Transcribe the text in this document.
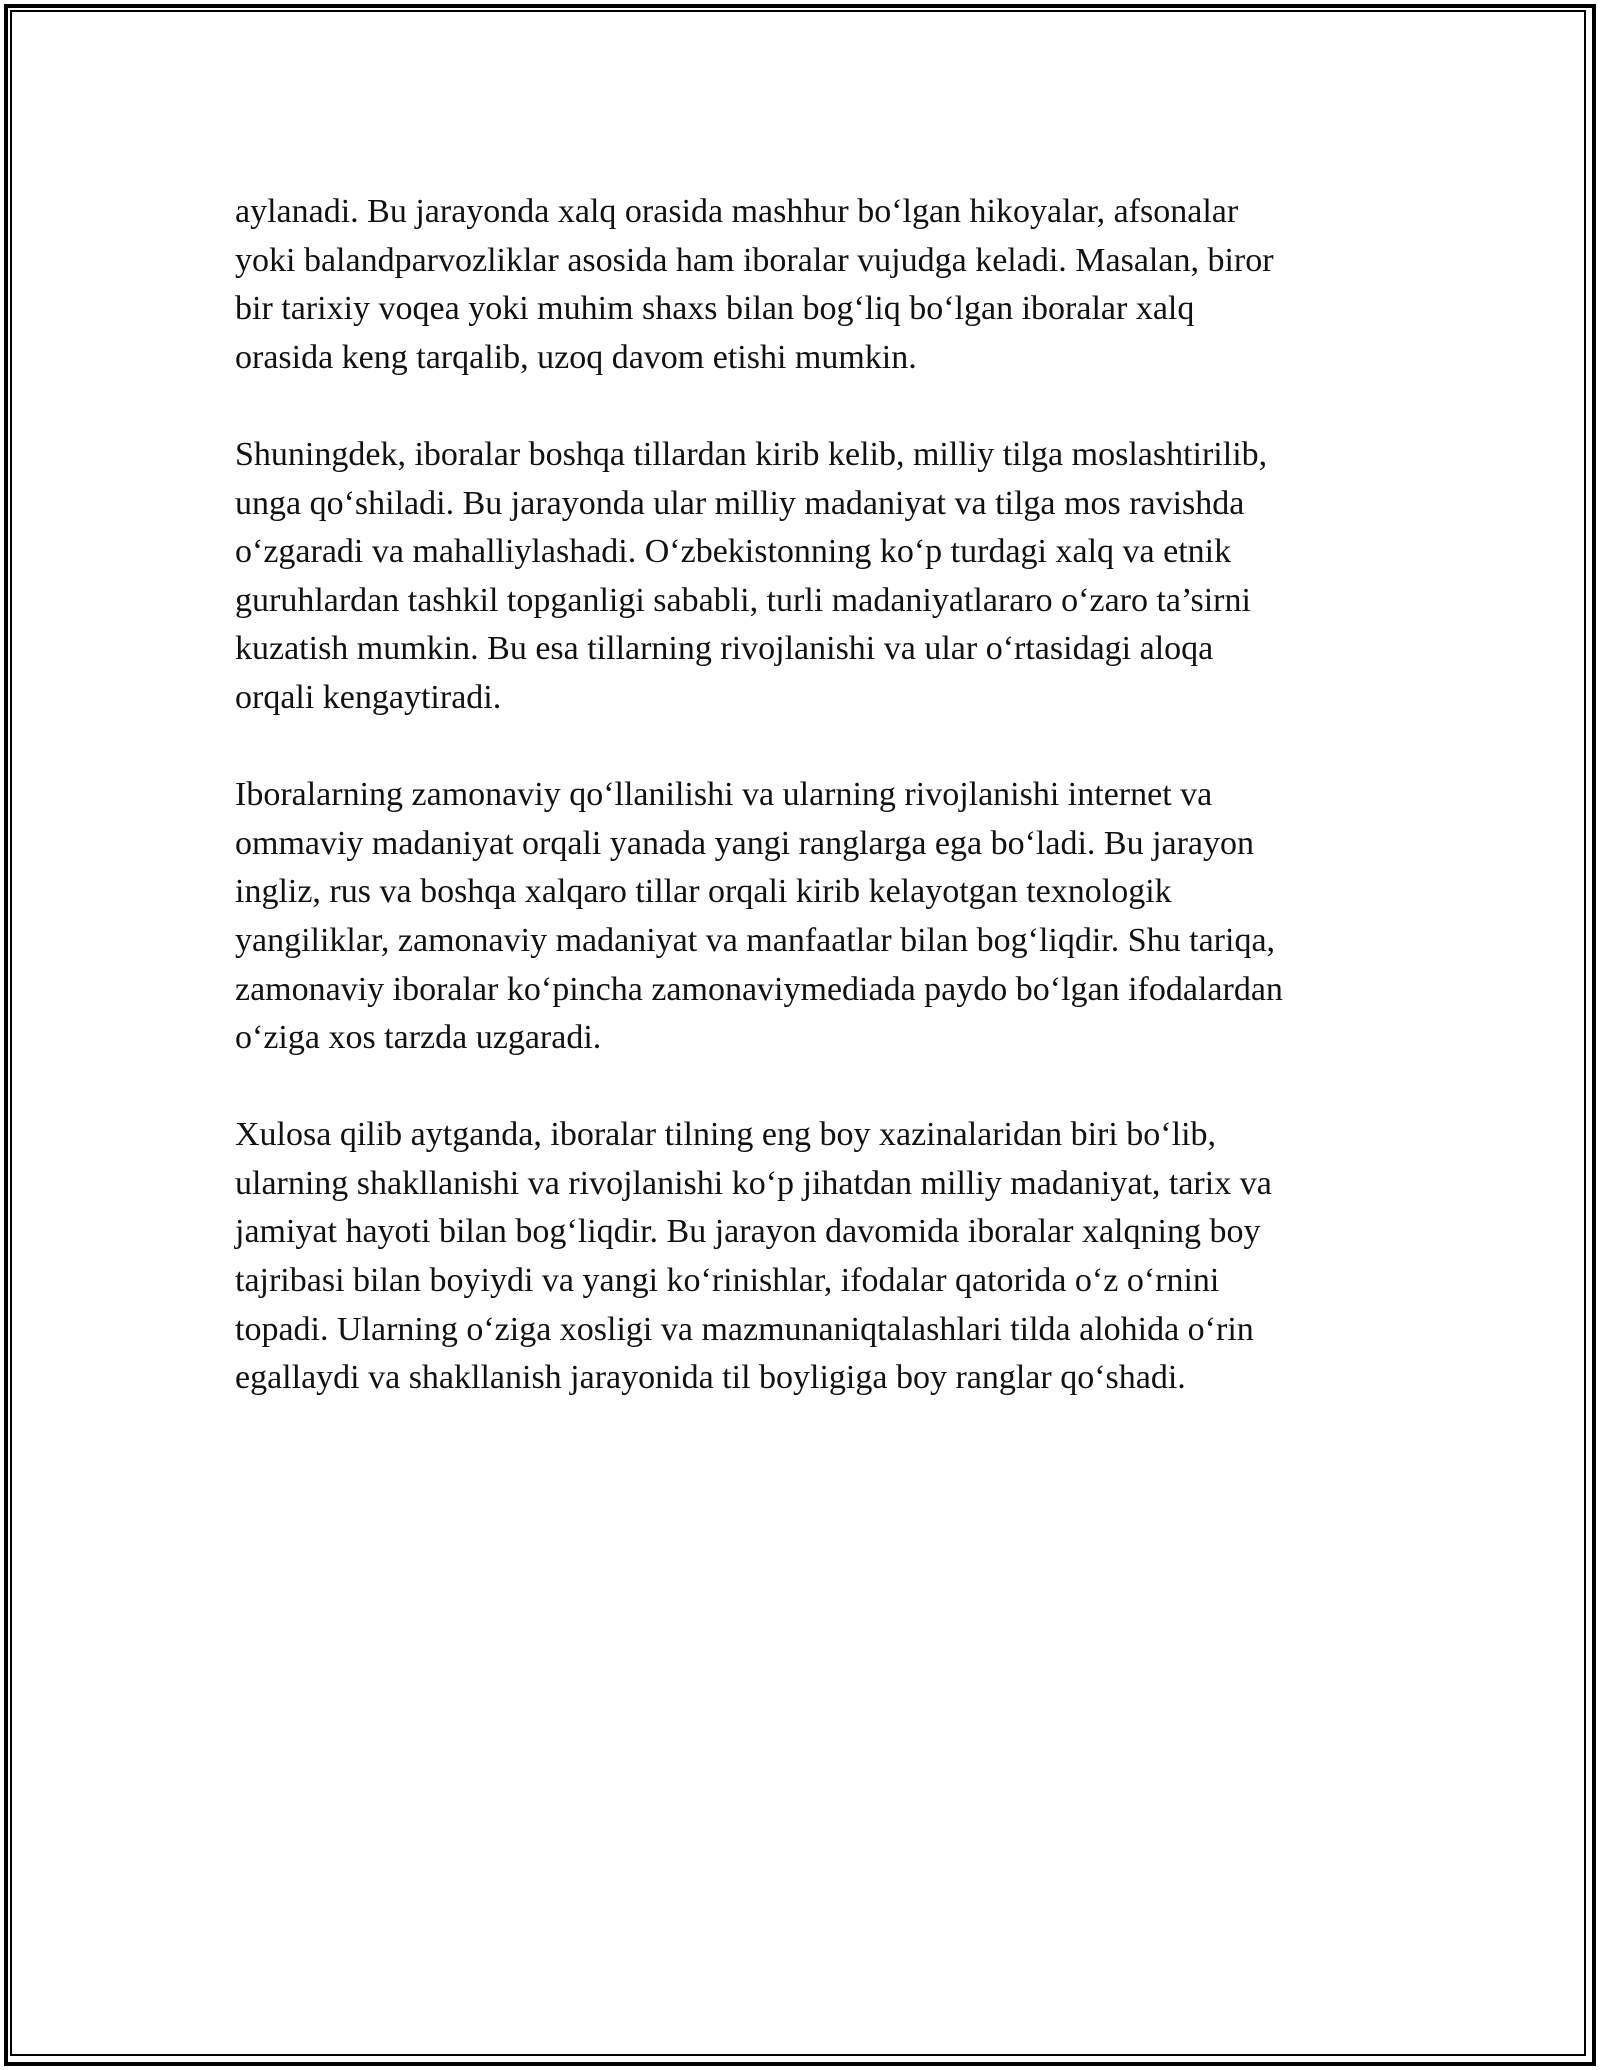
aylanadi. Bu jarayonda xalq orasida mashhur bo‘lgan hikoyalar, afsonalar
yoki balandparvozliklar asosida ham iboralar vujudga keladi. Masalan, biror
bir tarixiy voqea yoki muhim shaxs bilan bog‘liq bo‘lgan iboralar xalq
orasida keng tarqalib, uzoq davom etishi mumkin.

Shuningdek, iboralar boshqa tillardan kirib kelib, milliy tilga moslashtirilib,
unga qo‘shiladi. Bu jarayonda ular milliy madaniyat va tilga mos ravishda
o‘zgaradi va mahalliylashadi. O‘zbekistonning ko‘p turdagi xalq va etnik
guruhlardan tashkil topganligi sababli, turli madaniyatlararo o‘zaro ta’sirni
kuzatish mumkin. Bu esa tillarning rivojlanishi va ular o‘rtasidagi aloqa
orqali kengaytiradi.

Iboralarning zamonaviy qo‘llanilishi va ularning rivojlanishi internet va
ommaviy madaniyat orqali yanada yangi ranglarga ega bo‘ladi. Bu jarayon
ingliz, rus va boshqa xalqaro tillar orqali kirib kelayotgan texnologik
yangiliklar, zamonaviy madaniyat va manfaatlar bilan bog‘liqdir. Shu tariqa,
zamonaviy iboralar ko‘pincha zamonaviymediada paydo bo‘lgan ifodalardan
o‘ziga xos tarzda uzgaradi.

Xulosa qilib aytganda, iboralar tilning eng boy xazinalaridan biri bo‘lib,
ularning shakllanishi va rivojlanishi ko‘p jihatdan milliy madaniyat, tarix va
jamiyat hayoti bilan bog‘liqdir. Bu jarayon davomida iboralar xalqning boy
tajribasi bilan boyiydi va yangi ko‘rinishlar, ifodalar qatorida o‘z o‘rnini
topadi. Ularning o‘ziga xosligi va mazmunaniqtalashlari tilda alohida o‘rin
egallaydi va shakllanish jarayonida til boyligiga boy ranglar qo‘shadi.
